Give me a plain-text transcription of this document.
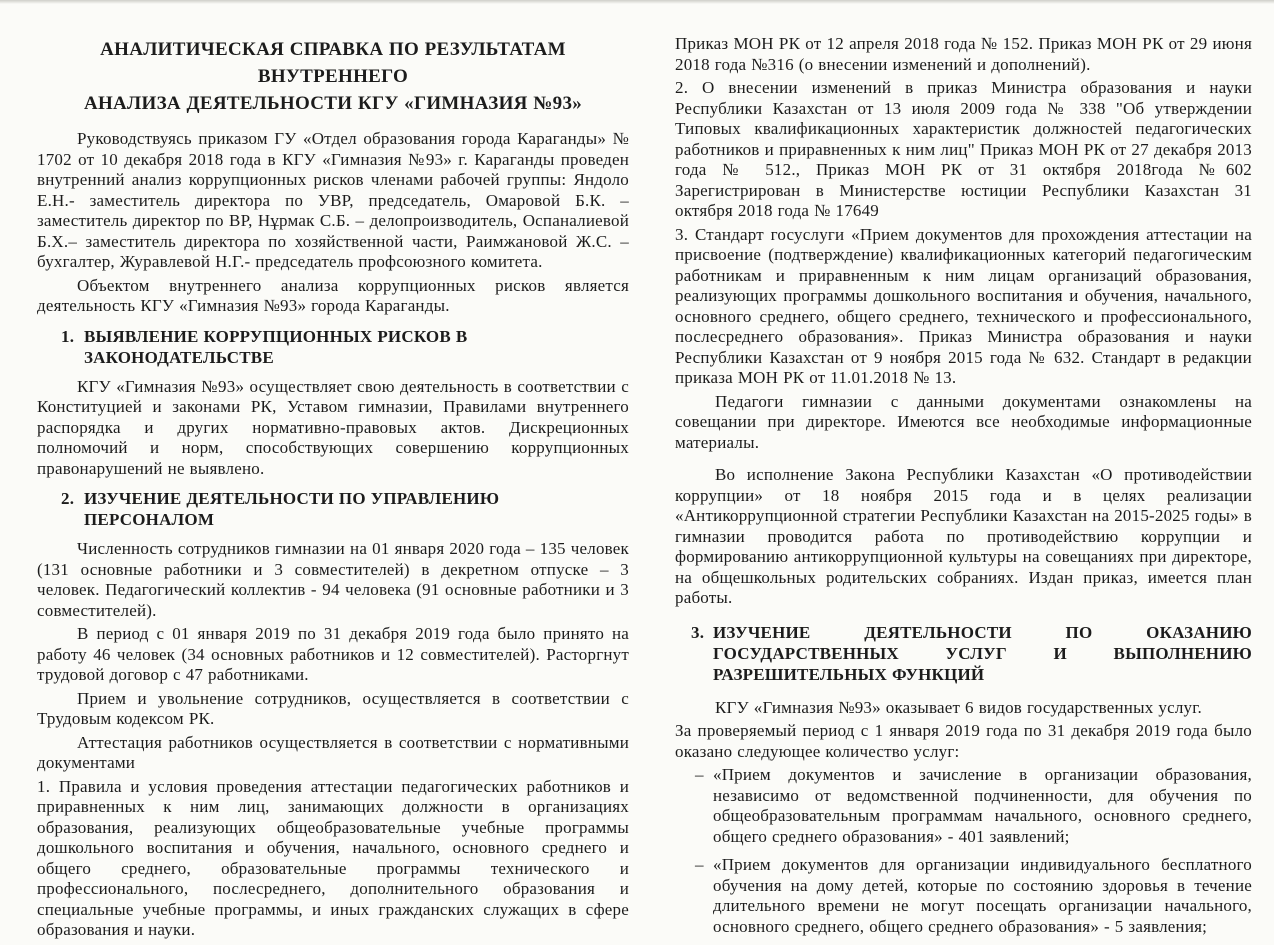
АНАЛИТИЧЕСКАЯ СПРАВКА ПО РЕЗУЛЬТАТАМ ВНУТРЕННЕГО
АНАЛИЗА ДЕЯТЕЛЬНОСТИ КГУ «ГИМНАЗИЯ №93»

Руководствуясь приказом ГУ «Отдел образования города Караганды» № 1702 от 10 декабря 2018 года в КГУ «Гимназия №93» г. Караганды проведен внутренний анализ коррупционных рисков членами рабочей группы: Яндоло Е.Н.- заместитель директора по УВР, председатель, Омаровой Б.К. – заместитель директор по ВР, Нұрмак С.Б. – делопроизводитель, Оспаналиевой Б.Х.– заместитель директора по хозяйственной части, Раимжановой Ж.С. – бухгалтер, Журавлевой Н.Г.- председатель профсоюзного комитета.

Объектом внутреннего анализа коррупционных рисков является деятельность КГУ «Гимназия №93» города Караганды.

1. ВЫЯВЛЕНИЕ КОРРУПЦИОННЫХ РИСКОВ В
ЗАКОНОДАТЕЛЬСТВЕ

КГУ «Гимназия №93» осуществляет свою деятельность в соответствии с Конституцией и законами РК, Уставом гимназии, Правилами внутреннего распорядка и других нормативно-правовых актов. Дискреционных полномочий и норм, способствующих совершению коррупционных правонарушений не выявлено.

2. ИЗУЧЕНИЕ ДЕЯТЕЛЬНОСТИ ПО УПРАВЛЕНИЮ ПЕРСОНАЛОМ

Численность сотрудников гимназии на 01 января 2020 года – 135 человек (131 основные работники и 3 совместителей) в декретном отпуске – 3 человек. Педагогический коллектив - 94 человека (91 основные работники и 3 совместителей).

В период с 01 января 2019 по 31 декабря 2019 года было принято на работу 46 человек (34 основных работников и 12 совместителей). Расторгнут трудовой договор с 47 работниками.

Прием и увольнение сотрудников, осуществляется в соответствии с Трудовым кодексом РК.

Аттестация работников осуществляется в соответствии с нормативными документами

1. Правила и условия проведения аттестации педагогических работников и приравненных к ним лиц, занимающих должности в организациях образования, реализующих общеобразовательные учебные программы дошкольного воспитания и обучения, начального, основного среднего и общего среднего, образовательные программы технического и профессионального, послесреднего, дополнительного образования и специальные учебные программы, и иных гражданских служащих в сфере образования и науки.

Приказ МОН РК от 12 апреля 2018 года № 152. Приказ МОН РК от 29 июня 2018 года №316 (о внесении изменений и дополнений).

2. О внесении изменений в приказ Министра образования и науки Республики Казахстан от 13 июля 2009 года № 338 "Об утверждении Типовых квалификационных характеристик должностей педагогических работников и приравненных к ним лиц" Приказ МОН РК от 27 декабря 2013 года № 512., Приказ МОН РК от 31 октября 2018года №602 Зарегистрирован в Министерстве юстиции Республики Казахстан 31 октября 2018 года № 17649

3. Стандарт госуслуги «Прием документов для прохождения аттестации на присвоение (подтверждение) квалификационных категорий педагогическим работникам и приравненным к ним лицам организаций образования, реализующих программы дошкольного воспитания и обучения, начального, основного среднего, общего среднего, технического и профессионального, послесреднего образования». Приказ Министра образования и науки Республики Казахстан от 9 ноября 2015 года № 632. Стандарт в редакции приказа МОН РК от 11.01.2018 № 13.

Педагоги гимназии с данными документами ознакомлены на совещании при директоре. Имеются все необходимые информационные материалы.

Во исполнение Закона Республики Казахстан «О противодействии коррупции» от 18 ноября 2015 года и в целях реализации «Антикоррупционной стратегии Республики Казахстан на 2015-2025 годы» в гимназии проводится работа по противодействию коррупции и формированию антикоррупционной культуры на совещаниях при директоре, на общешкольных родительских собраниях. Издан приказ, имеется план работы.

3. ИЗУЧЕНИЕ ДЕЯТЕЛЬНОСТИ ПО ОКАЗАНИЮ
ГОСУДАРСТВЕННЫХ УСЛУГ И ВЫПОЛНЕНИЮ
РАЗРЕШИТЕЛЬНЫХ ФУНКЦИЙ

КГУ «Гимназия №93» оказывает 6 видов государственных услуг.

За проверяемый период с 1 января 2019 года по 31 декабря 2019 года было оказано следующее количество услуг:

– «Прием документов и зачисление в организации образования, независимо от ведомственной подчиненности, для обучения по общеобразовательным программам начального, основного среднего, общего среднего образования» - 401 заявлений;
– «Прием документов для организации индивидуального бесплатного обучения на дому детей, которые по состоянию здоровья в течение длительного времени не могут посещать организации начального, основного среднего, общего среднего образования» - 5 заявления;
